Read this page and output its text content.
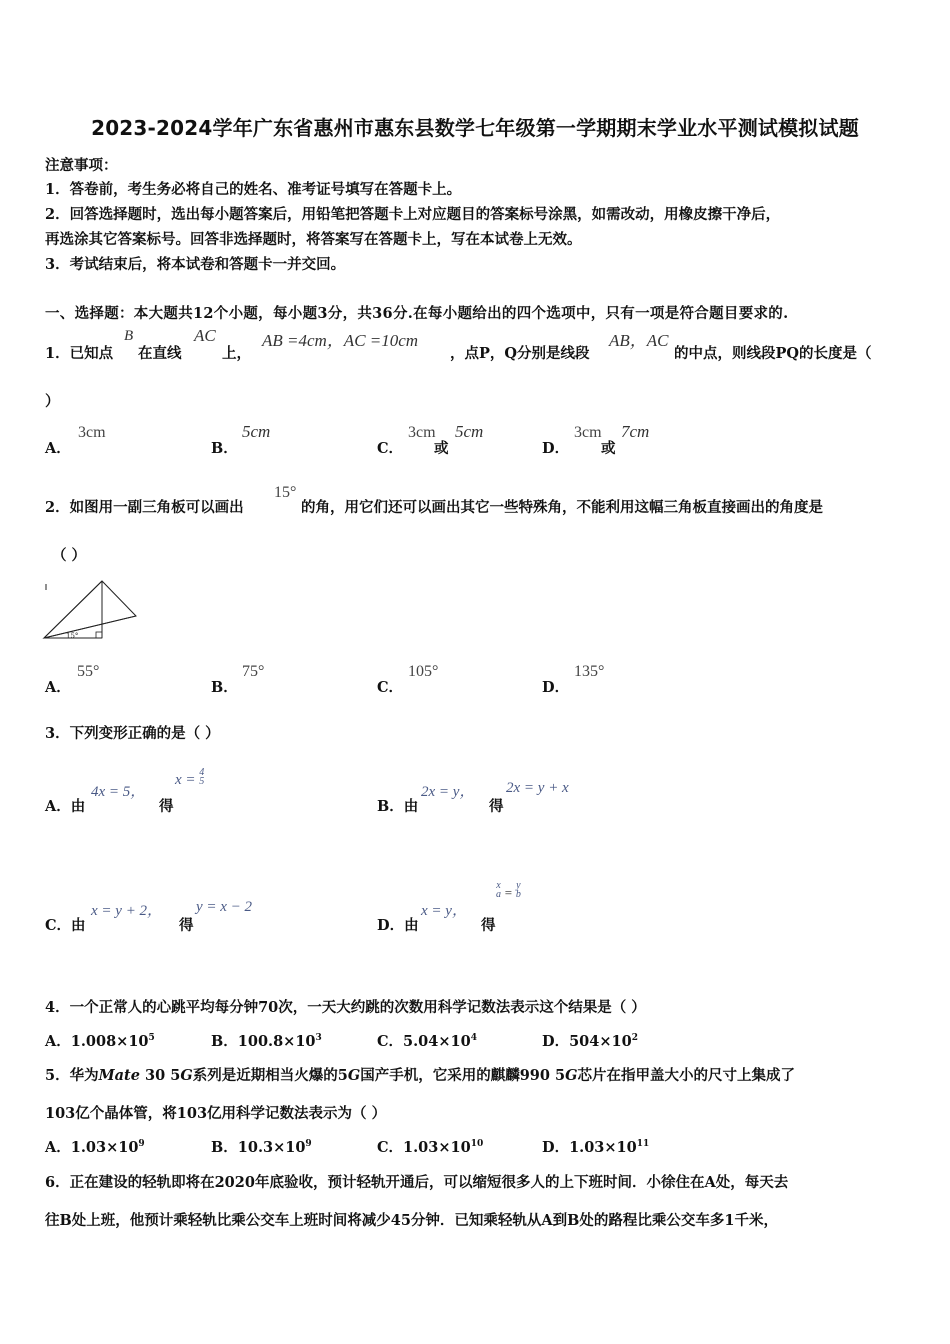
2023-2024学年广东省惠州市惠东县数学七年级第一学期期末学业水平测试模拟试题
注意事项：
1．答卷前，考生务必将自己的姓名、准考证号填写在答题卡上。
2．回答选择题时，选出每小题答案后，用铅笔把答题卡上对应题目的答案标号涂黑，如需改动，用橡皮擦干净后，
再选涂其它答案标号。回答非选择题时，将答案写在答题卡上，写在本试卷上无效。
3．考试结束后，将本试卷和答题卡一并交回。
一、选择题：本大题共12个小题，每小题3分，共36分.在每小题给出的四个选项中，只有一项是符合题目要求的.
1．已知点
B
在直线
AC
上，
AB =4cm，AC =10cm
，点P，Q分别是线段
AB，AC
的中点，则线段PQ的长度是（
）
A．
3cm
B．
5cm
C．
3cm
或
5cm
D．
3cm
或
7cm
2．如图用一副三角板可以画出
15°
的角，用它们还可以画出其它一些特殊角，不能利用这幅三角板直接画出的角度是
（ ）
15°
A．
55°
B．
75°
C．
105°
D．
135°
3．下列变形正确的是（ ）
A．由
4x = 5，
得
x = 4
5
B．由
2x = y，
得
2x = y + x
C．由
x = y + 2，
得
y = x − 2
D．由
x = y，
得
x
a = y
b
4．一个正常人的心跳平均每分钟70次，一天大约跳的次数用科学记数法表示这个结果是（ ）
A．$1.008\times 10^5$	B．$100.8\times 10^3$	C．$5.04\times 10^4$	D．$504\times 10^2$
5．华为Mate 30 5G系列是近期相当火爆的5G国产手机，它采用的麒麟990 5G芯片在指甲盖大小的尺寸上集成了
103亿个晶体管，将103亿用科学记数法表示为（ ）
A．$1.03\times 10^9$	B．$10.3\times 10^9$	C．$1.03\times 10^{10}$	D．$1.03\times 10^{11}$
6．正在建设的轻轨即将在2020年底验收，预计轻轨开通后，可以缩短很多人的上下班时间．小徐住在A处，每天去
往B处上班，他预计乘轻轨比乘公交车上班时间将减少45分钟．已知乘轻轨从A到B处的路程比乘公交车多1千米，
